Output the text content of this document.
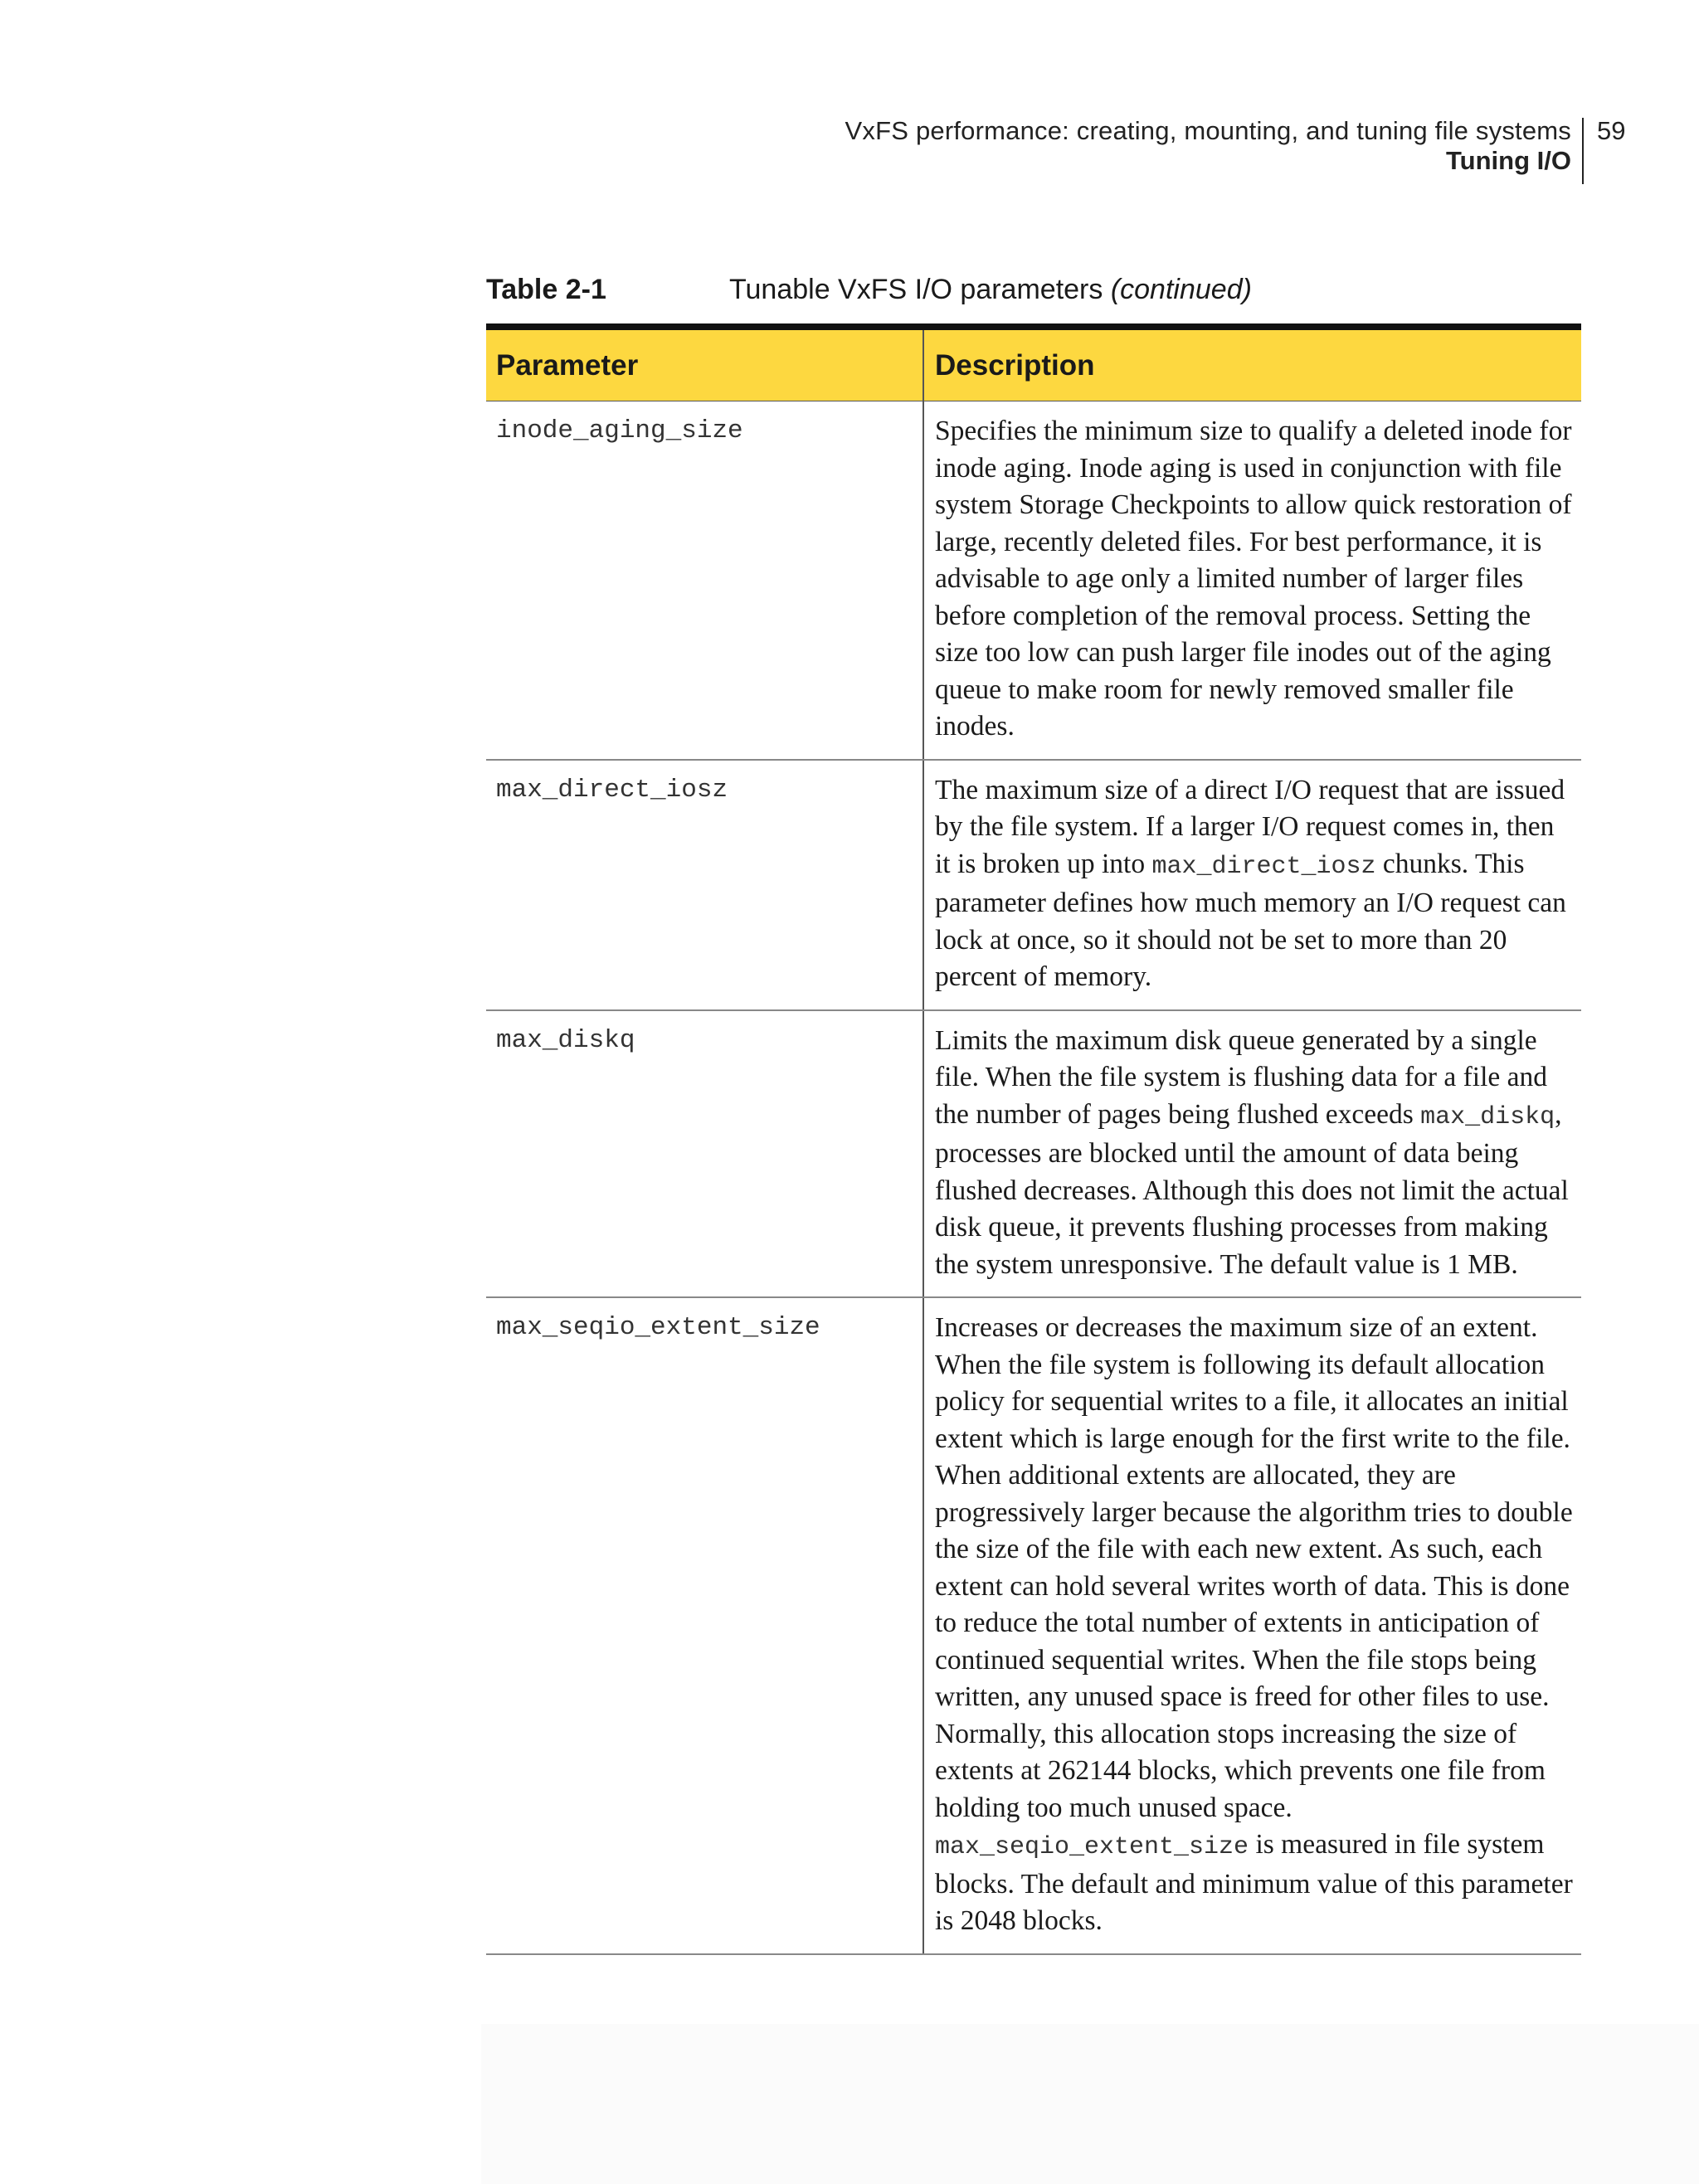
VxFS performance: creating, mounting, and tuning file systems
Tuning I/O
59
Table 2-1	Tunable VxFS I/O parameters (continued)
Parameter	Description
inode_aging_size	Specifies the minimum size to qualify a deleted inode for inode aging. Inode aging is used in conjunction with file system Storage Checkpoints to allow quick restoration of large, recently deleted files. For best performance, it is advisable to age only a limited number of larger files before completion of the removal process. Setting the size too low can push larger file inodes out of the aging queue to make room for newly removed smaller file inodes.
max_direct_iosz	The maximum size of a direct I/O request that are issued by the file system. If a larger I/O request comes in, then it is broken up into max_direct_iosz chunks. This parameter defines how much memory an I/O request can lock at once, so it should not be set to more than 20 percent of memory.
max_diskq	Limits the maximum disk queue generated by a single file. When the file system is flushing data for a file and the number of pages being flushed exceeds max_diskq, processes are blocked until the amount of data being flushed decreases. Although this does not limit the actual disk queue, it prevents flushing processes from making the system unresponsive. The default value is 1 MB.
max_seqio_extent_size	Increases or decreases the maximum size of an extent. When the file system is following its default allocation policy for sequential writes to a file, it allocates an initial extent which is large enough for the first write to the file. When additional extents are allocated, they are progressively larger because the algorithm tries to double the size of the file with each new extent. As such, each extent can hold several writes worth of data. This is done to reduce the total number of extents in anticipation of continued sequential writes. When the file stops being written, any unused space is freed for other files to use. Normally, this allocation stops increasing the size of extents at 262144 blocks, which prevents one file from holding too much unused space. max_seqio_extent_size is measured in file system blocks. The default and minimum value of this parameter is 2048 blocks.
